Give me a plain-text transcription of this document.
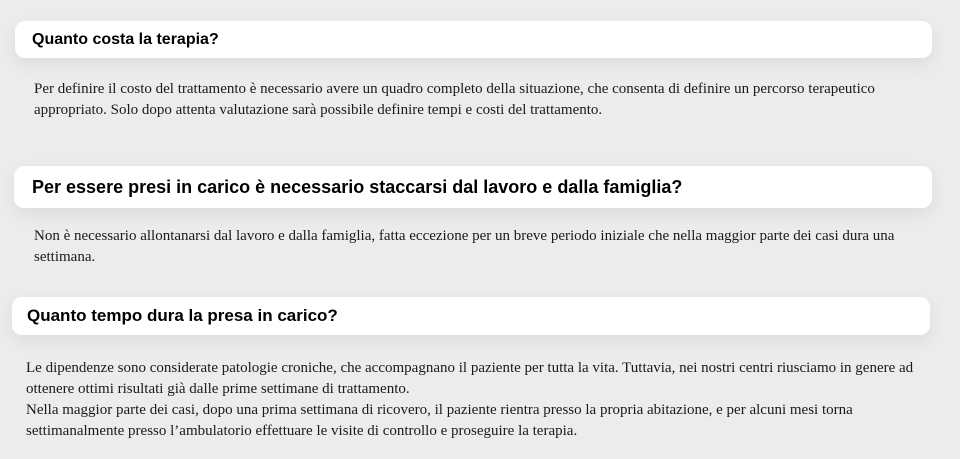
Quanto costa la terapia?

Per definire il costo del trattamento è necessario avere un quadro completo della situazione, che consenta di definire un percorso terapeutico appropriato. Solo dopo attenta valutazione sarà possibile definire tempi e costi del trattamento.

Per essere presi in carico è necessario staccarsi dal lavoro e dalla famiglia?

Non è necessario allontanarsi dal lavoro e dalla famiglia, fatta eccezione per un breve periodo iniziale che nella maggior parte dei casi dura una settimana.

Quanto tempo dura la presa in carico?

Le dipendenze sono considerate patologie croniche, che accompagnano il paziente per tutta la vita. Tuttavia, nei nostri centri riusciamo in genere ad ottenere ottimi risultati già dalle prime settimane di trattamento.

Nella maggior parte dei casi, dopo una prima settimana di ricovero, il paziente rientra presso la propria abitazione, e per alcuni mesi torna settimanalmente presso l’ambulatorio effettuare le visite di controllo e proseguire la terapia.
